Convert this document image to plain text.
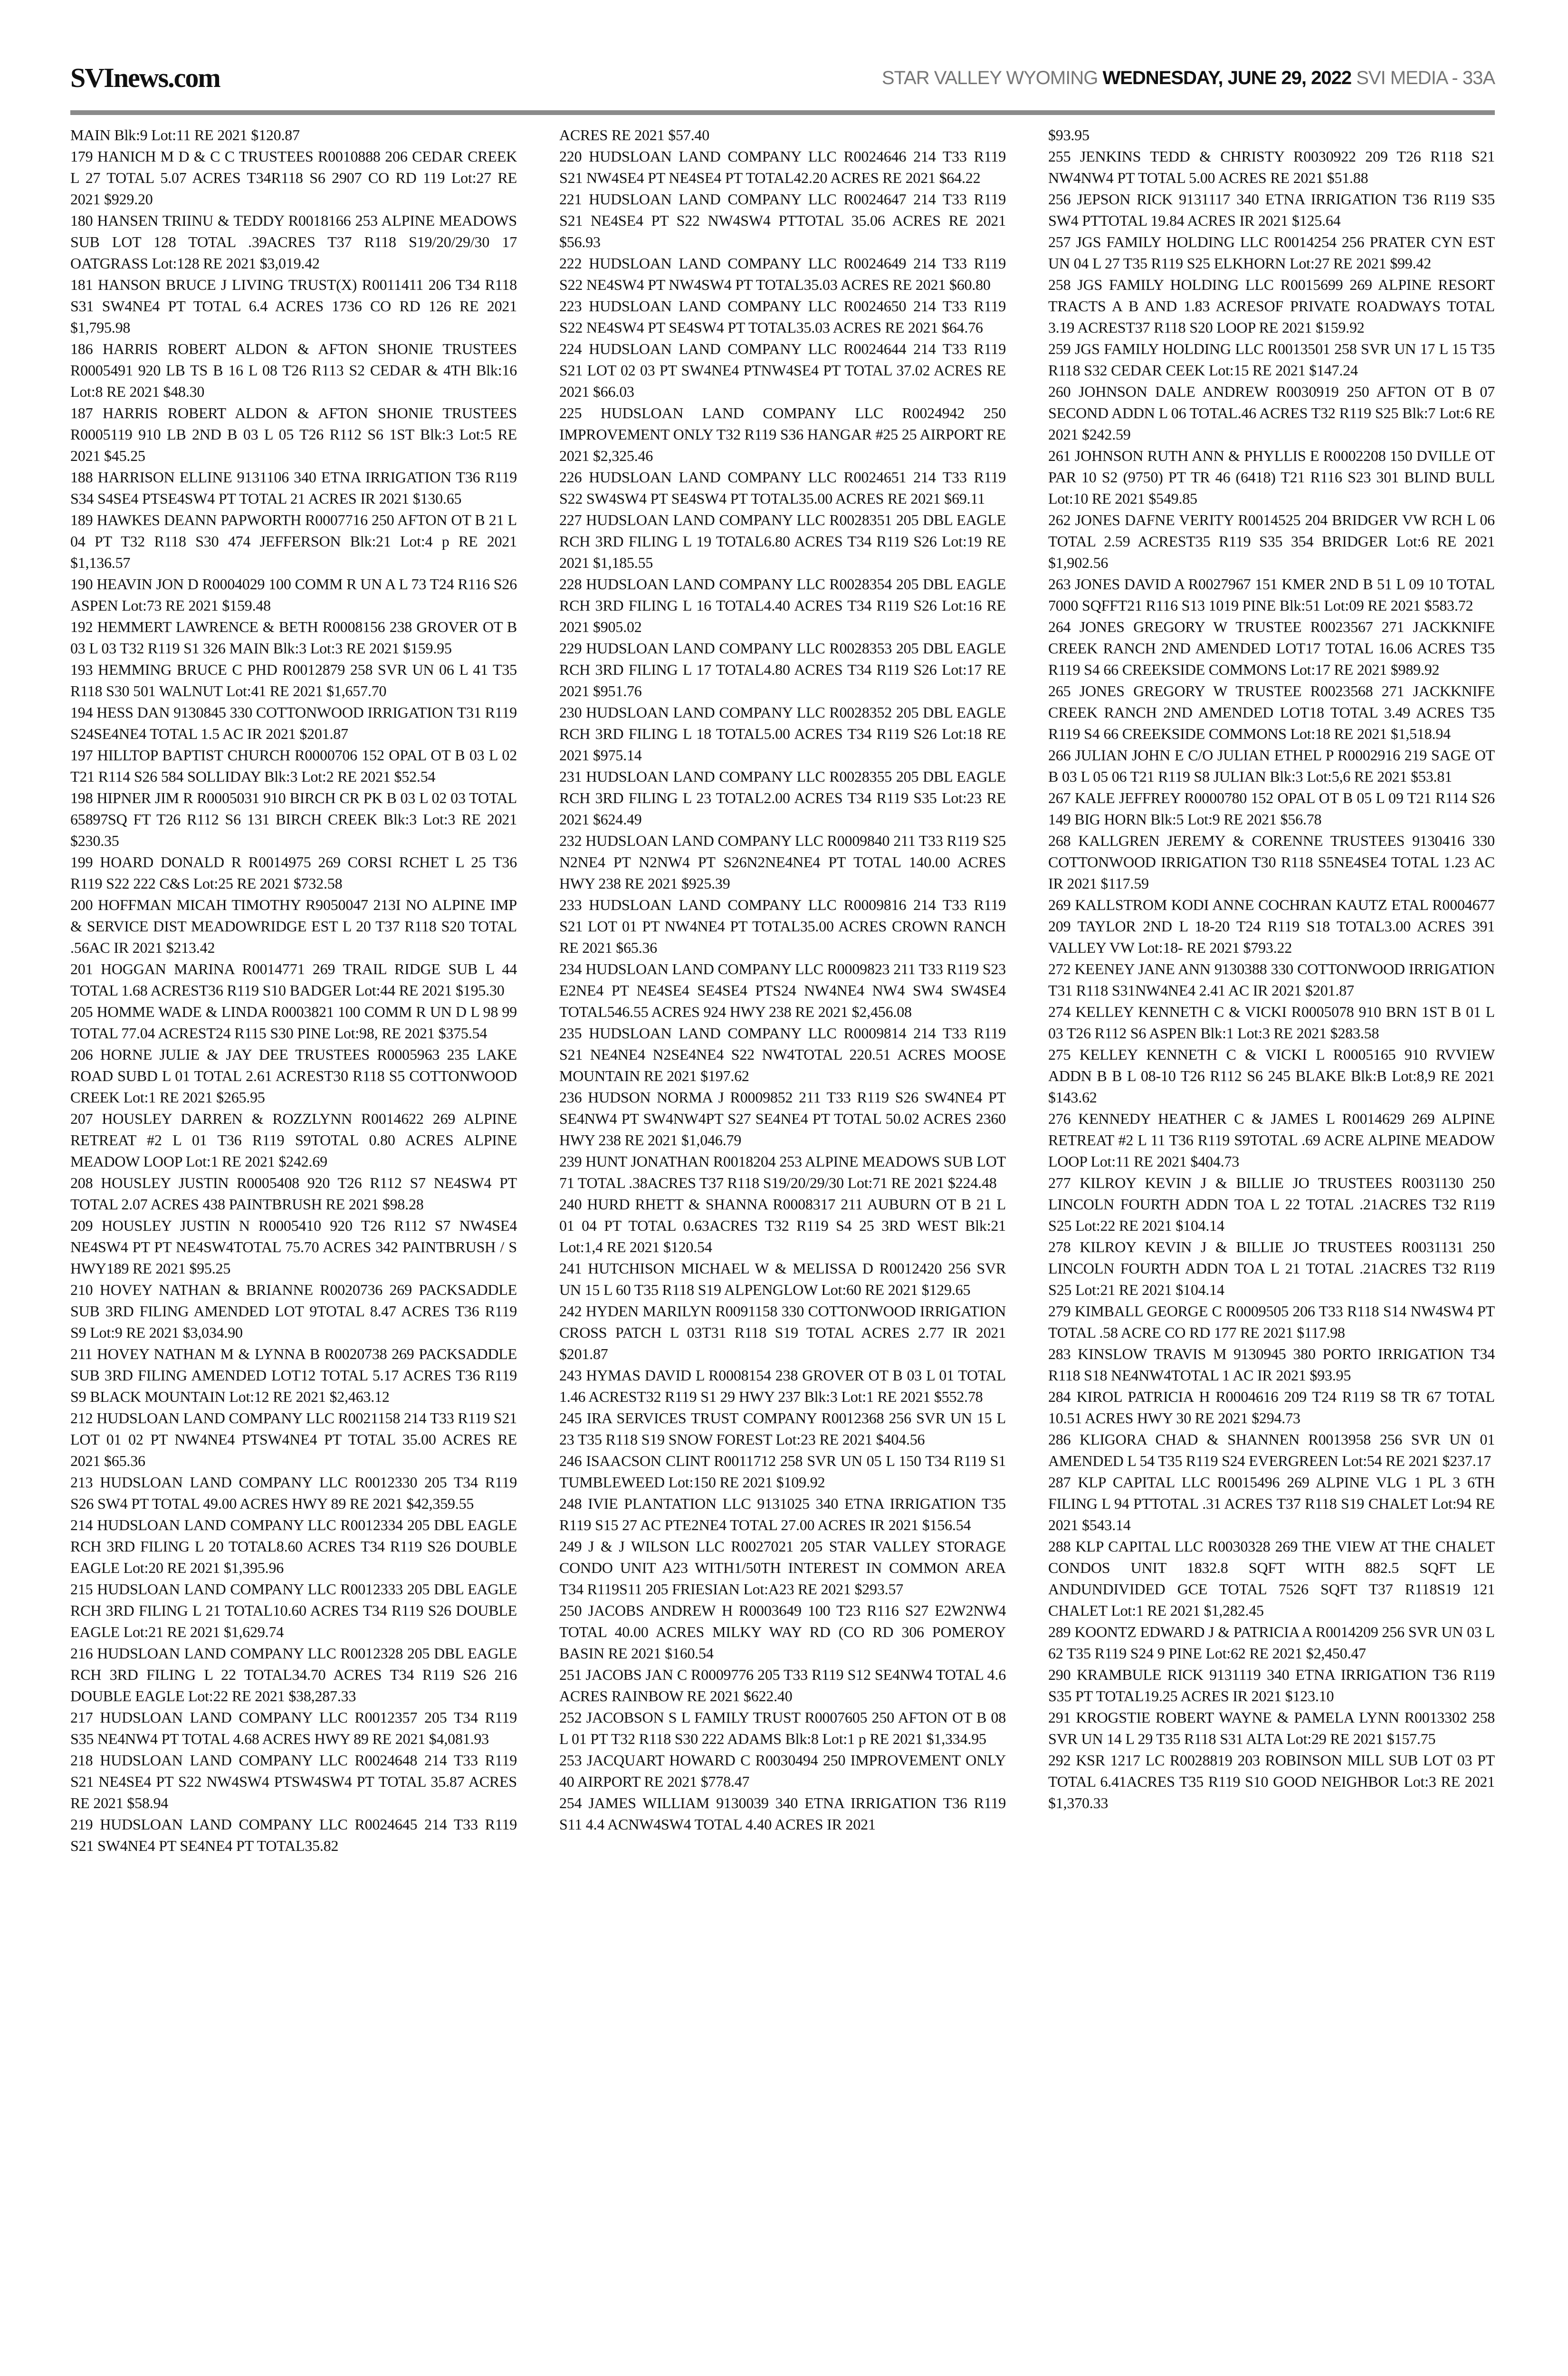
SVInews.com	STAR VALLEY WYOMING WEDNESDAY, JUNE 29, 2022 SVI MEDIA - 33A

MAIN Blk:9 Lot:11 RE 2021 $120.87

179 HANICH M D & C C TRUSTEES R0010888 206 CEDAR CREEK L 27 TOTAL 5.07 ACRES T34R118 S6 2907 CO RD 119 Lot:27 RE 2021 $929.20

180 HANSEN TRIINU & TEDDY R0018166 253 ALPINE MEADOWS SUB LOT 128 TOTAL .39ACRES T37 R118 S19/20/29/30 17 OATGRASS Lot:128 RE 2021 $3,019.42

181 HANSON BRUCE J LIVING TRUST(X) R0011411 206 T34 R118 S31 SW4NE4 PT TOTAL 6.4 ACRES 1736 CO RD 126 RE 2021 $1,795.98

186 HARRIS ROBERT ALDON & AFTON SHONIE TRUSTEES R0005491 920 LB TS B 16 L 08 T26 R113 S2 CEDAR & 4TH Blk:16 Lot:8 RE 2021 $48.30

187 HARRIS ROBERT ALDON & AFTON SHONIE TRUSTEES R0005119 910 LB 2ND B 03 L 05 T26 R112 S6 1ST Blk:3 Lot:5 RE 2021 $45.25

188 HARRISON ELLINE 9131106 340 ETNA IRRIGATION T36 R119 S34 S4SE4 PTSE4SW4 PT TOTAL 21 ACRES IR 2021 $130.65

189 HAWKES DEANN PAPWORTH R0007716 250 AFTON OT B 21 L 04 PT T32 R118 S30 474 JEFFERSON Blk:21 Lot:4 p RE 2021 $1,136.57

190 HEAVIN JON D R0004029 100 COMM R UN A L 73 T24 R116 S26 ASPEN Lot:73 RE 2021 $159.48

192 HEMMERT LAWRENCE & BETH R0008156 238 GROVER OT B 03 L 03 T32 R119 S1 326 MAIN Blk:3 Lot:3 RE 2021 $159.95

193 HEMMING BRUCE C PHD R0012879 258 SVR UN 06 L 41 T35 R118 S30 501 WALNUT Lot:41 RE 2021 $1,657.70

194 HESS DAN 9130845 330 COTTONWOOD IRRIGATION T31 R119 S24SE4NE4 TOTAL 1.5 AC IR 2021 $201.87

197 HILLTOP BAPTIST CHURCH R0000706 152 OPAL OT B 03 L 02 T21 R114 S26 584 SOLLIDAY Blk:3 Lot:2 RE 2021 $52.54

198 HIPNER JIM R R0005031 910 BIRCH CR PK B 03 L 02 03 TOTAL 65897SQ FT T26 R112 S6 131 BIRCH CREEK Blk:3 Lot:3 RE 2021 $230.35

199 HOARD DONALD R R0014975 269 CORSI RCHET L 25 T36 R119 S22 222 C&S Lot:25 RE 2021 $732.58

200 HOFFMAN MICAH TIMOTHY R9050047 213I NO ALPINE IMP & SERVICE DIST MEADOWRIDGE EST L 20 T37 R118 S20 TOTAL .56AC IR 2021 $213.42

201 HOGGAN MARINA R0014771 269 TRAIL RIDGE SUB L 44 TOTAL 1.68 ACREST36 R119 S10 BADGER Lot:44 RE 2021 $195.30

205 HOMME WADE & LINDA R0003821 100 COMM R UN D L 98 99 TOTAL 77.04 ACREST24 R115 S30 PINE Lot:98, RE 2021 $375.54

206 HORNE JULIE & JAY DEE TRUSTEES R0005963 235 LAKE ROAD SUBD L 01 TOTAL 2.61 ACREST30 R118 S5 COTTONWOOD CREEK Lot:1 RE 2021 $265.95

207 HOUSLEY DARREN & ROZZLYNN R0014622 269 ALPINE RETREAT #2 L 01 T36 R119 S9TOTAL 0.80 ACRES ALPINE MEADOW LOOP Lot:1 RE 2021 $242.69

208 HOUSLEY JUSTIN R0005408 920 T26 R112 S7 NE4SW4 PT TOTAL 2.07 ACRES 438 PAINTBRUSH RE 2021 $98.28

209 HOUSLEY JUSTIN N R0005410 920 T26 R112 S7 NW4SE4 NE4SW4 PT PT NE4SW4TOTAL 75.70 ACRES 342 PAINTBRUSH / S HWY189 RE 2021 $95.25

210 HOVEY NATHAN & BRIANNE R0020736 269 PACKSADDLE SUB 3RD FILING AMENDED LOT 9TOTAL 8.47 ACRES T36 R119 S9 Lot:9 RE 2021 $3,034.90

211 HOVEY NATHAN M & LYNNA B R0020738 269 PACKSADDLE SUB 3RD FILING AMENDED LOT12 TOTAL 5.17 ACRES T36 R119 S9 BLACK MOUNTAIN Lot:12 RE 2021 $2,463.12

212 HUDSLOAN LAND COMPANY LLC R0021158 214 T33 R119 S21 LOT 01 02 PT NW4NE4 PTSW4NE4 PT TOTAL 35.00 ACRES RE 2021 $65.36

213 HUDSLOAN LAND COMPANY LLC R0012330 205 T34 R119 S26 SW4 PT TOTAL 49.00 ACRES HWY 89 RE 2021 $42,359.55

214 HUDSLOAN LAND COMPANY LLC R0012334 205 DBL EAGLE RCH 3RD FILING L 20 TOTAL8.60 ACRES T34 R119 S26 DOUBLE EAGLE Lot:20 RE 2021 $1,395.96

215 HUDSLOAN LAND COMPANY LLC R0012333 205 DBL EAGLE RCH 3RD FILING L 21 TOTAL10.60 ACRES T34 R119 S26 DOUBLE EAGLE Lot:21 RE 2021 $1,629.74

216 HUDSLOAN LAND COMPANY LLC R0012328 205 DBL EAGLE RCH 3RD FILING L 22 TOTAL34.70 ACRES T34 R119 S26 216 DOUBLE EAGLE Lot:22 RE 2021 $38,287.33

217 HUDSLOAN LAND COMPANY LLC R0012357 205 T34 R119 S35 NE4NW4 PT TOTAL 4.68 ACRES HWY 89 RE 2021 $4,081.93

218 HUDSLOAN LAND COMPANY LLC R0024648 214 T33 R119 S21 NE4SE4 PT S22 NW4SW4 PTSW4SW4 PT TOTAL 35.87 ACRES RE 2021 $58.94

219 HUDSLOAN LAND COMPANY LLC R0024645 214 T33 R119 S21 SW4NE4 PT SE4NE4 PT TOTAL35.82

ACRES RE 2021 $57.40

220 HUDSLOAN LAND COMPANY LLC R0024646 214 T33 R119 S21 NW4SE4 PT NE4SE4 PT TOTAL42.20 ACRES RE 2021 $64.22

221 HUDSLOAN LAND COMPANY LLC R0024647 214 T33 R119 S21 NE4SE4 PT S22 NW4SW4 PTTOTAL 35.06 ACRES RE 2021 $56.93

222 HUDSLOAN LAND COMPANY LLC R0024649 214 T33 R119 S22 NE4SW4 PT NW4SW4 PT TOTAL35.03 ACRES RE 2021 $60.80

223 HUDSLOAN LAND COMPANY LLC R0024650 214 T33 R119 S22 NE4SW4 PT SE4SW4 PT TOTAL35.03 ACRES RE 2021 $64.76

224 HUDSLOAN LAND COMPANY LLC R0024644 214 T33 R119 S21 LOT 02 03 PT SW4NE4 PTNW4SE4 PT TOTAL 37.02 ACRES RE 2021 $66.03

225 HUDSLOAN LAND COMPANY LLC R0024942 250 IMPROVEMENT ONLY T32 R119 S36 HANGAR #25 25 AIRPORT RE 2021 $2,325.46

226 HUDSLOAN LAND COMPANY LLC R0024651 214 T33 R119 S22 SW4SW4 PT SE4SW4 PT TOTAL35.00 ACRES RE 2021 $69.11

227 HUDSLOAN LAND COMPANY LLC R0028351 205 DBL EAGLE RCH 3RD FILING L 19 TOTAL6.80 ACRES T34 R119 S26 Lot:19 RE 2021 $1,185.55

228 HUDSLOAN LAND COMPANY LLC R0028354 205 DBL EAGLE RCH 3RD FILING L 16 TOTAL4.40 ACRES T34 R119 S26 Lot:16 RE 2021 $905.02

229 HUDSLOAN LAND COMPANY LLC R0028353 205 DBL EAGLE RCH 3RD FILING L 17 TOTAL4.80 ACRES T34 R119 S26 Lot:17 RE 2021 $951.76

230 HUDSLOAN LAND COMPANY LLC R0028352 205 DBL EAGLE RCH 3RD FILING L 18 TOTAL5.00 ACRES T34 R119 S26 Lot:18 RE 2021 $975.14

231 HUDSLOAN LAND COMPANY LLC R0028355 205 DBL EAGLE RCH 3RD FILING L 23 TOTAL2.00 ACRES T34 R119 S35 Lot:23 RE 2021 $624.49

232 HUDSLOAN LAND COMPANY LLC R0009840 211 T33 R119 S25 N2NE4 PT N2NW4 PT S26N2NE4NE4 PT TOTAL 140.00 ACRES HWY 238 RE 2021 $925.39

233 HUDSLOAN LAND COMPANY LLC R0009816 214 T33 R119 S21 LOT 01 PT NW4NE4 PT TOTAL35.00 ACRES CROWN RANCH RE 2021 $65.36

234 HUDSLOAN LAND COMPANY LLC R0009823 211 T33 R119 S23 E2NE4 PT NE4SE4 SE4SE4 PTS24 NW4NE4 NW4 SW4 SW4SE4 TOTAL546.55 ACRES 924 HWY 238 RE 2021 $2,456.08

235 HUDSLOAN LAND COMPANY LLC R0009814 214 T33 R119 S21 NE4NE4 N2SE4NE4 S22 NW4TOTAL 220.51 ACRES MOOSE MOUNTAIN RE 2021 $197.62

236 HUDSON NORMA J R0009852 211 T33 R119 S26 SW4NE4 PT SE4NW4 PT SW4NW4PT S27 SE4NE4 PT TOTAL 50.02 ACRES 2360 HWY 238 RE 2021 $1,046.79

239 HUNT JONATHAN R0018204 253 ALPINE MEADOWS SUB LOT 71 TOTAL .38ACRES T37 R118 S19/20/29/30 Lot:71 RE 2021 $224.48

240 HURD RHETT & SHANNA R0008317 211 AUBURN OT B 21 L 01 04 PT TOTAL 0.63ACRES T32 R119 S4 25 3RD WEST Blk:21 Lot:1,4 RE 2021 $120.54

241 HUTCHISON MICHAEL W & MELISSA D R0012420 256 SVR UN 15 L 60 T35 R118 S19 ALPENGLOW Lot:60 RE 2021 $129.65

242 HYDEN MARILYN R0091158 330 COTTONWOOD IRRIGATION CROSS PATCH L 03T31 R118 S19 TOTAL ACRES 2.77 IR 2021 $201.87

243 HYMAS DAVID L R0008154 238 GROVER OT B 03 L 01 TOTAL 1.46 ACREST32 R119 S1 29 HWY 237 Blk:3 Lot:1 RE 2021 $552.78

245 IRA SERVICES TRUST COMPANY R0012368 256 SVR UN 15 L 23 T35 R118 S19 SNOW FOREST Lot:23 RE 2021 $404.56

246 ISAACSON CLINT R0011712 258 SVR UN 05 L 150 T34 R119 S1 TUMBLEWEED Lot:150 RE 2021 $109.92

248 IVIE PLANTATION LLC 9131025 340 ETNA IRRIGATION T35 R119 S15 27 AC PTE2NE4 TOTAL 27.00 ACRES IR 2021 $156.54

249 J & J WILSON LLC R0027021 205 STAR VALLEY STORAGE CONDO UNIT A23 WITH1/50TH INTEREST IN COMMON AREA T34 R119S11 205 FRIESIAN Lot:A23 RE 2021 $293.57

250 JACOBS ANDREW H R0003649 100 T23 R116 S27 E2W2NW4 TOTAL 40.00 ACRES MILKY WAY RD (CO RD 306 POMEROY BASIN RE 2021 $160.54

251 JACOBS JAN C R0009776 205 T33 R119 S12 SE4NW4 TOTAL 4.6 ACRES RAINBOW RE 2021 $622.40

252 JACOBSON S L FAMILY TRUST R0007605 250 AFTON OT B 08 L 01 PT T32 R118 S30 222 ADAMS Blk:8 Lot:1 p RE 2021 $1,334.95

253 JACQUART HOWARD C R0030494 250 IMPROVEMENT ONLY 40 AIRPORT RE 2021 $778.47

254 JAMES WILLIAM 9130039 340 ETNA IRRIGATION T36 R119 S11 4.4 ACNW4SW4 TOTAL 4.40 ACRES IR 2021

$93.95

255 JENKINS TEDD & CHRISTY R0030922 209 T26 R118 S21 NW4NW4 PT TOTAL 5.00 ACRES RE 2021 $51.88

256 JEPSON RICK 9131117 340 ETNA IRRIGATION T36 R119 S35 SW4 PTTOTAL 19.84 ACRES IR 2021 $125.64

257 JGS FAMILY HOLDING LLC R0014254 256 PRATER CYN EST UN 04 L 27 T35 R119 S25 ELKHORN Lot:27 RE 2021 $99.42

258 JGS FAMILY HOLDING LLC R0015699 269 ALPINE RESORT TRACTS A B AND 1.83 ACRESOF PRIVATE ROADWAYS TOTAL 3.19 ACREST37 R118 S20 LOOP RE 2021 $159.92

259 JGS FAMILY HOLDING LLC R0013501 258 SVR UN 17 L 15 T35 R118 S32 CEDAR CEEK Lot:15 RE 2021 $147.24

260 JOHNSON DALE ANDREW R0030919 250 AFTON OT B 07 SECOND ADDN L 06 TOTAL.46 ACRES T32 R119 S25 Blk:7 Lot:6 RE 2021 $242.59

261 JOHNSON RUTH ANN & PHYLLIS E R0002208 150 DVILLE OT PAR 10 S2 (9750) PT TR 46 (6418) T21 R116 S23 301 BLIND BULL Lot:10 RE 2021 $549.85

262 JONES DAFNE VERITY R0014525 204 BRIDGER VW RCH L 06 TOTAL 2.59 ACREST35 R119 S35 354 BRIDGER Lot:6 RE 2021 $1,902.56

263 JONES DAVID A R0027967 151 KMER 2ND B 51 L 09 10 TOTAL 7000 SQFFT21 R116 S13 1019 PINE Blk:51 Lot:09 RE 2021 $583.72

264 JONES GREGORY W TRUSTEE R0023567 271 JACKKNIFE CREEK RANCH 2ND AMENDED LOT17 TOTAL 16.06 ACRES T35 R119 S4 66 CREEKSIDE COMMONS Lot:17 RE 2021 $989.92

265 JONES GREGORY W TRUSTEE R0023568 271 JACKKNIFE CREEK RANCH 2ND AMENDED LOT18 TOTAL 3.49 ACRES T35 R119 S4 66 CREEKSIDE COMMONS Lot:18 RE 2021 $1,518.94

266 JULIAN JOHN E C/O JULIAN ETHEL P R0002916 219 SAGE OT B 03 L 05 06 T21 R119 S8 JULIAN Blk:3 Lot:5,6 RE 2021 $53.81

267 KALE JEFFREY R0000780 152 OPAL OT B 05 L 09 T21 R114 S26 149 BIG HORN Blk:5 Lot:9 RE 2021 $56.78

268 KALLGREN JEREMY & CORENNE TRUSTEES 9130416 330 COTTONWOOD IRRIGATION T30 R118 S5NE4SE4 TOTAL 1.23 AC IR 2021 $117.59

269 KALLSTROM KODI ANNE COCHRAN KAUTZ ETAL R0004677 209 TAYLOR 2ND L 18-20 T24 R119 S18 TOTAL3.00 ACRES 391 VALLEY VW Lot:18- RE 2021 $793.22

272 KEENEY JANE ANN 9130388 330 COTTONWOOD IRRIGATION T31 R118 S31NW4NE4 2.41 AC IR 2021 $201.87

274 KELLEY KENNETH C & VICKI R0005078 910 BRN 1ST B 01 L 03 T26 R112 S6 ASPEN Blk:1 Lot:3 RE 2021 $283.58

275 KELLEY KENNETH C & VICKI L R0005165 910 RVVIEW ADDN B B L 08-10 T26 R112 S6 245 BLAKE Blk:B Lot:8,9 RE 2021 $143.62

276 KENNEDY HEATHER C & JAMES L R0014629 269 ALPINE RETREAT #2 L 11 T36 R119 S9TOTAL .69 ACRE ALPINE MEADOW LOOP Lot:11 RE 2021 $404.73

277 KILROY KEVIN J & BILLIE JO TRUSTEES R0031130 250 LINCOLN FOURTH ADDN TOA L 22 TOTAL .21ACRES T32 R119 S25 Lot:22 RE 2021 $104.14

278 KILROY KEVIN J & BILLIE JO TRUSTEES R0031131 250 LINCOLN FOURTH ADDN TOA L 21 TOTAL .21ACRES T32 R119 S25 Lot:21 RE 2021 $104.14

279 KIMBALL GEORGE C R0009505 206 T33 R118 S14 NW4SW4 PT TOTAL .58 ACRE CO RD 177 RE 2021 $117.98

283 KINSLOW TRAVIS M 9130945 380 PORTO IRRIGATION T34 R118 S18 NE4NW4TOTAL 1 AC IR 2021 $93.95

284 KIROL PATRICIA H R0004616 209 T24 R119 S8 TR 67 TOTAL 10.51 ACRES HWY 30 RE 2021 $294.73

286 KLIGORA CHAD & SHANNEN R0013958 256 SVR UN 01 AMENDED L 54 T35 R119 S24 EVERGREEN Lot:54 RE 2021 $237.17

287 KLP CAPITAL LLC R0015496 269 ALPINE VLG 1 PL 3 6TH FILING L 94 PTTOTAL .31 ACRES T37 R118 S19 CHALET Lot:94 RE 2021 $543.14

288 KLP CAPITAL LLC R0030328 269 THE VIEW AT THE CHALET CONDOS UNIT 1832.8 SQFT WITH 882.5 SQFT LE ANDUNDIVIDED GCE TOTAL 7526 SQFT T37 R118S19 121 CHALET Lot:1 RE 2021 $1,282.45

289 KOONTZ EDWARD J & PATRICIA A R0014209 256 SVR UN 03 L 62 T35 R119 S24 9 PINE Lot:62 RE 2021 $2,450.47

290 KRAMBULE RICK 9131119 340 ETNA IRRIGATION T36 R119 S35 PT TOTAL19.25 ACRES IR 2021 $123.10

291 KROGSTIE ROBERT WAYNE & PAMELA LYNN R0013302 258 SVR UN 14 L 29 T35 R118 S31 ALTA Lot:29 RE 2021 $157.75

292 KSR 1217 LC R0028819 203 ROBINSON MILL SUB LOT 03 PT TOTAL 6.41ACRES T35 R119 S10 GOOD NEIGHBOR Lot:3 RE 2021 $1,370.33
